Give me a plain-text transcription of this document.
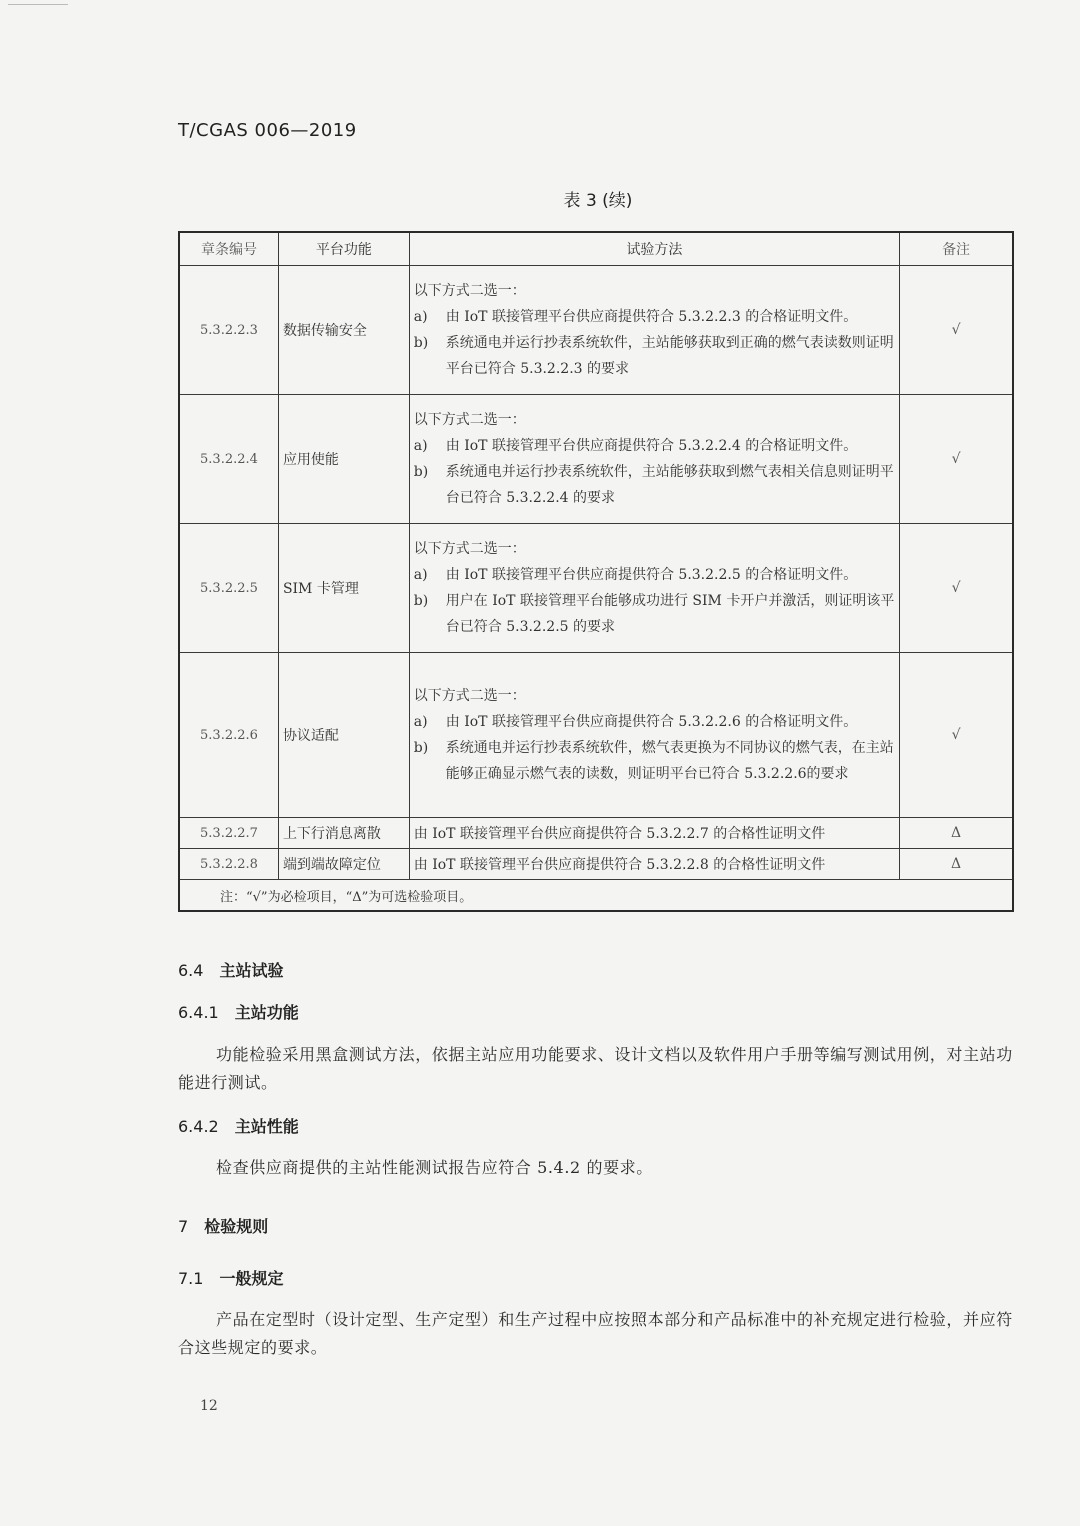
T/CGAS 006—2019
表 3 (续)
章条编号	平台功能	试验方法	备注
5.3.2.2.3	数据传输安全	以下方式二选一：
a) 由 IoT 联接管理平台供应商提供符合 5.3.2.2.3 的合格证明文件。
b) 系统通电并运行抄表系统软件，主站能够获取到正确的燃气表读数则证明平台已符合 5.3.2.2.3 的要求	√
5.3.2.2.4	应用使能	以下方式二选一：
a) 由 IoT 联接管理平台供应商提供符合 5.3.2.2.4 的合格证明文件。
b) 系统通电并运行抄表系统软件，主站能够获取到燃气表相关信息则证明平台已符合 5.3.2.2.4 的要求	√
5.3.2.2.5	SIM 卡管理	以下方式二选一：
a) 由 IoT 联接管理平台供应商提供符合 5.3.2.2.5 的合格证明文件。
b) 用户在 IoT 联接管理平台能够成功进行 SIM 卡开户并激活，则证明该平台已符合 5.3.2.2.5 的要求	√
5.3.2.2.6	协议适配	以下方式二选一：
a) 由 IoT 联接管理平台供应商提供符合 5.3.2.2.6 的合格证明文件。
b) 系统通电并运行抄表系统软件，燃气表更换为不同协议的燃气表，在主站能够正确显示燃气表的读数，则证明平台已符合 5.3.2.2.6的要求	√
5.3.2.2.7	上下行消息离散	由 IoT 联接管理平台供应商提供符合 5.3.2.2.7 的合格性证明文件	Δ
5.3.2.2.8	端到端故障定位	由 IoT 联接管理平台供应商提供符合 5.3.2.2.8 的合格性证明文件	Δ
注：“√”为必检项目，“Δ”为可选检验项目。			
6.4 主站试验
6.4.1 主站功能
功能检验采用黑盒测试方法，依据主站应用功能要求、设计文档以及软件用户手册等编写测试用例，对主站功能进行测试。
6.4.2 主站性能
检查供应商提供的主站性能测试报告应符合 5.4.2 的要求。
7 检验规则
7.1 一般规定
产品在定型时（设计定型、生产定型）和生产过程中应按照本部分和产品标准中的补充规定进行检验，并应符合这些规定的要求。
12
